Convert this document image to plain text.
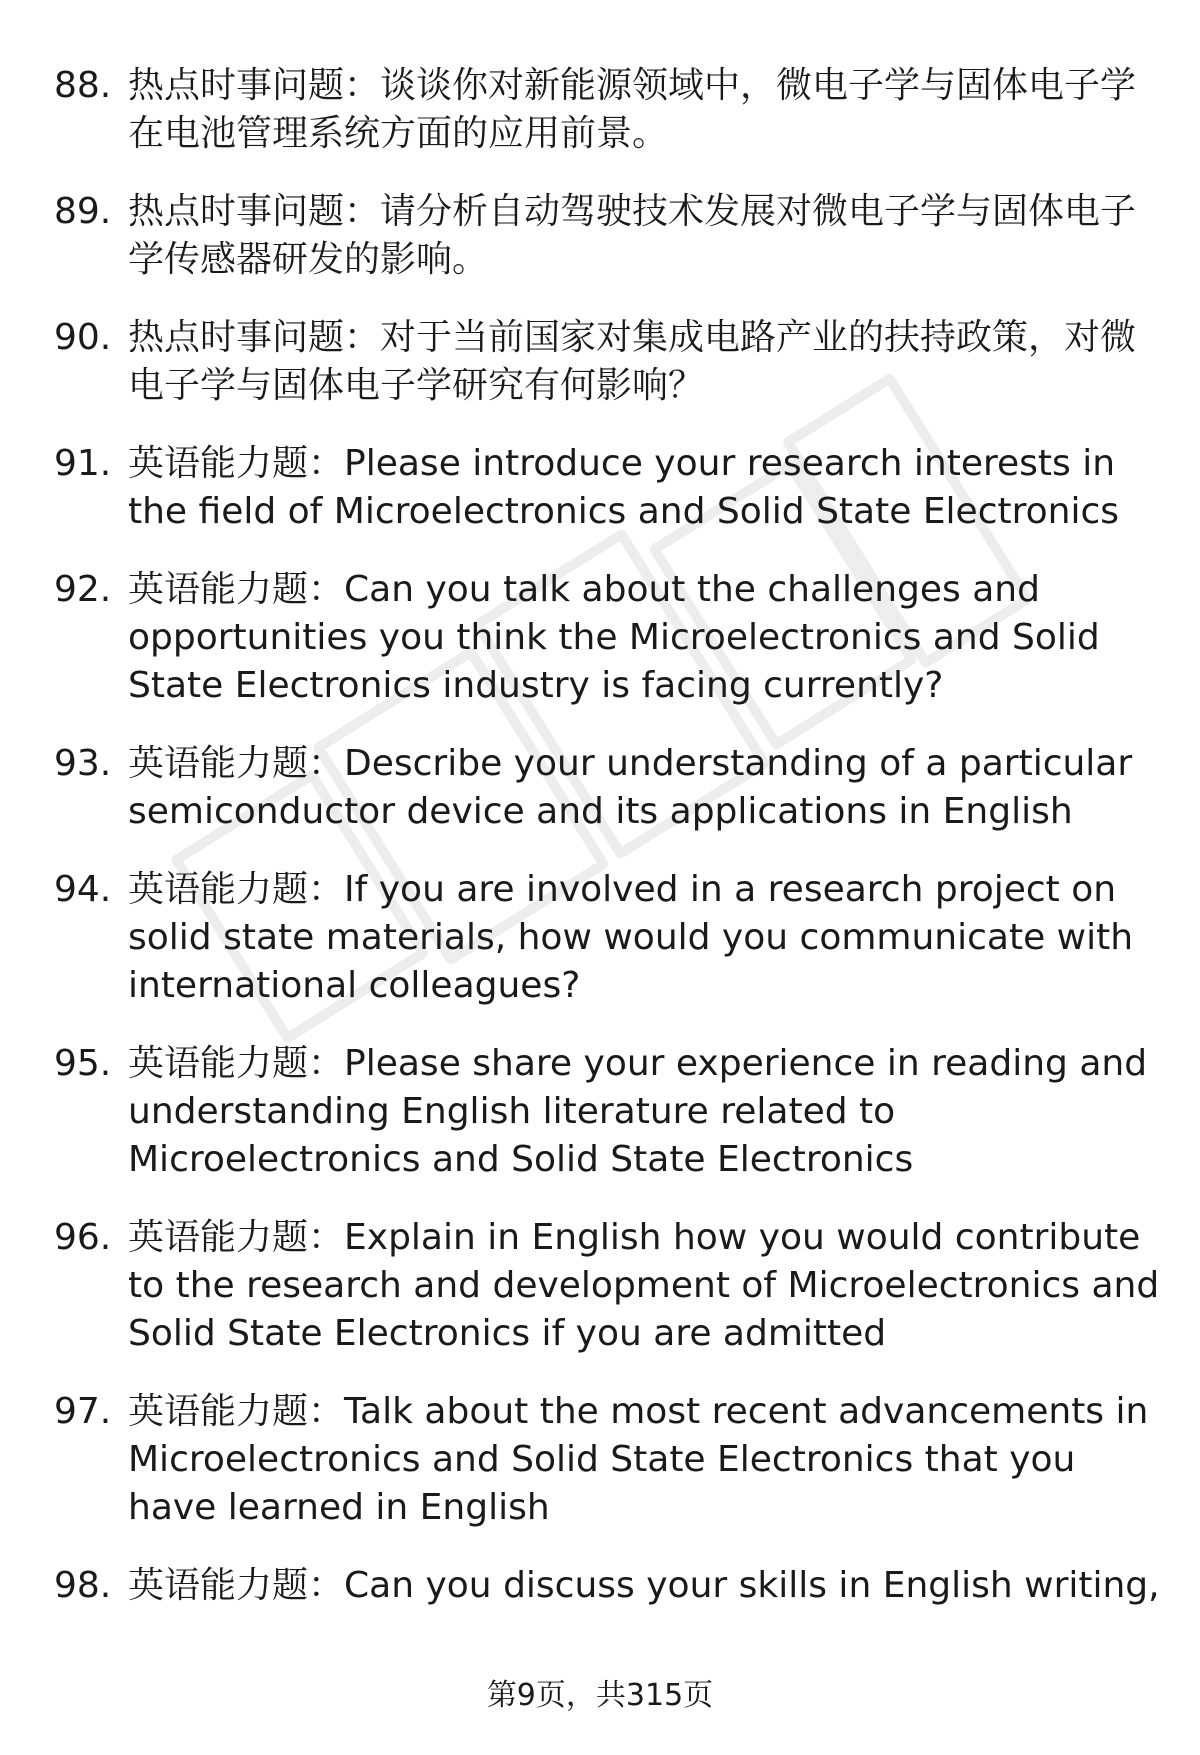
88. 热点时事问题：谈谈你对新能源领域中，微电子学与固体电子学在电池管理系统方面的应用前景。
89. 热点时事问题：请分析自动驾驶技术发展对微电子学与固体电子学传感器研发的影响。
90. 热点时事问题：对于当前国家对集成电路产业的扶持政策，对微电子学与固体电子学研究有何影响？
91. 英语能力题：Please introduce your research interests in the field of Microelectronics and Solid State Electronics
92. 英语能力题：Can you talk about the challenges and opportunities you think the Microelectronics and Solid State Electronics industry is facing currently?
93. 英语能力题：Describe your understanding of a particular semiconductor device and its applications in English
94. 英语能力题：If you are involved in a research project on solid state materials, how would you communicate with international colleagues?
95. 英语能力题：Please share your experience in reading and understanding English literature related to Microelectronics and Solid State Electronics
96. 英语能力题：Explain in English how you would contribute to the research and development of Microelectronics and Solid State Electronics if you are admitted
97. 英语能力题：Talk about the most recent advancements in Microelectronics and Solid State Electronics that you have learned in English
98. 英语能力题：Can you discuss your skills in English writing,
第9页，共315页
